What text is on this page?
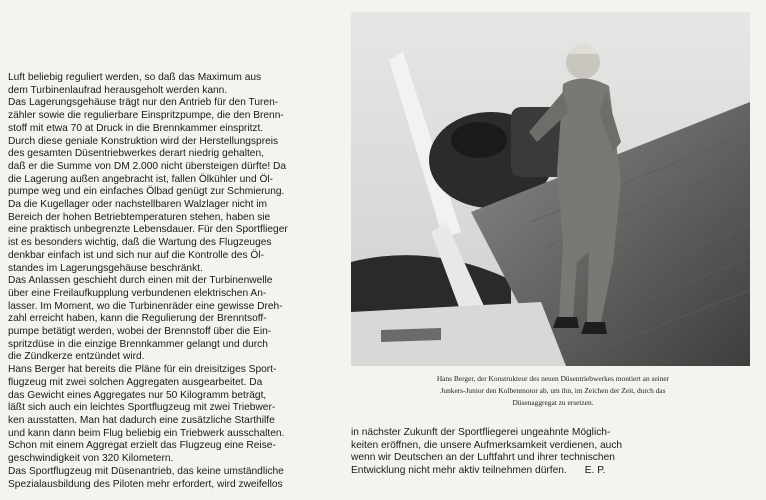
Luft beliebig reguliert werden, so daß das Maximum aus

dem Turbinenlaufrad herausgeholt werden kann.

Das Lagerungsgehäuse trägt nur den Antrieb für den Turen-

zähler sowie die regulierbare Einspritzpumpe, die den Brenn-

stoff mit etwa 70 at Druck in die Brennkammer einspritzt.

Durch diese geniale Konstruktion wird der Herstellungspreis

des gesamten Düsentriebwerkes derart niedrig gehalten,

daß er die Summe von DM 2.000 nicht übersteigen dürfte! Da

die Lagerung außen angebracht ist, fallen Ölkühler und Öl-

pumpe weg und ein einfaches Ölbad genügt zur Schmierung.

Da die Kugellager oder nachstellbaren Walzlager nicht im

Bereich der hohen Betriebtemperaturen stehen, haben sie

eine praktisch unbegrenzte Lebensdauer. Für den Sportflieger

ist es besonders wichtig, daß die Wartung des Flugzeuges

denkbar einfach ist und sich nur auf die Kontrolle des Öl-

standes im Lagerungsgehäuse beschränkt.

Das Anlassen geschieht durch einen mit der Turbinenwelle

über eine Freilaufkupplung verbundenen elektrischen An-

lasser. Im Moment, wo die Turbinenräder eine gewisse Dreh-

zahl erreicht haben, kann die Regulierung der Brenntsoff-

pumpe betätigt werden, wobei der Brennstoff über die Ein-

spritzdüse in die einzige Brennkammer gelangt und durch

die Zündkerze entzündet wird.

Hans Berger hat bereits die Pläne für ein dreisitziges Sport-

flugzeug mit zwei solchen Aggregaten ausgearbeitet. Da

das Gewicht eines Aggregates nur 50 Kilogramm beträgt,

läßt sich auch ein leichtes Sportflugzeug mit zwei Triebwer-

ken ausstatten. Man hat dadurch eine zusätzliche Starthilfe

und kann dann beim Flug beliebig ein Triebwerk ausschalten.

Schon mit einem Aggregat erzielt das Flugzeug eine Reise-

geschwindigkeit von 320 Kilometern.

Das Sportflugzeug mit Düsenantrieb, das keine umständliche

Spezialausbildung des Piloten mehr erfordert, wird zweifellos

Hans Berger, der Konstrukteur des neuen Düsentriebwerkes montiert an seiner

Junkers-Junior den Kolbenmotor ab, um ihn, im Zeichen der Zeit, durch das

Düsenaggregat zu ersetzen.

in nächster Zukunft der Sportfliegerei ungeahnte Möglich-

keiten eröffnen, die unsere Aufmerksamkeit verdienen, auch

wenn wir Deutschen an der Luftfahrt und ihrer technischen

Entwicklung nicht mehr aktiv teilnehmen dürfen. E. P.
